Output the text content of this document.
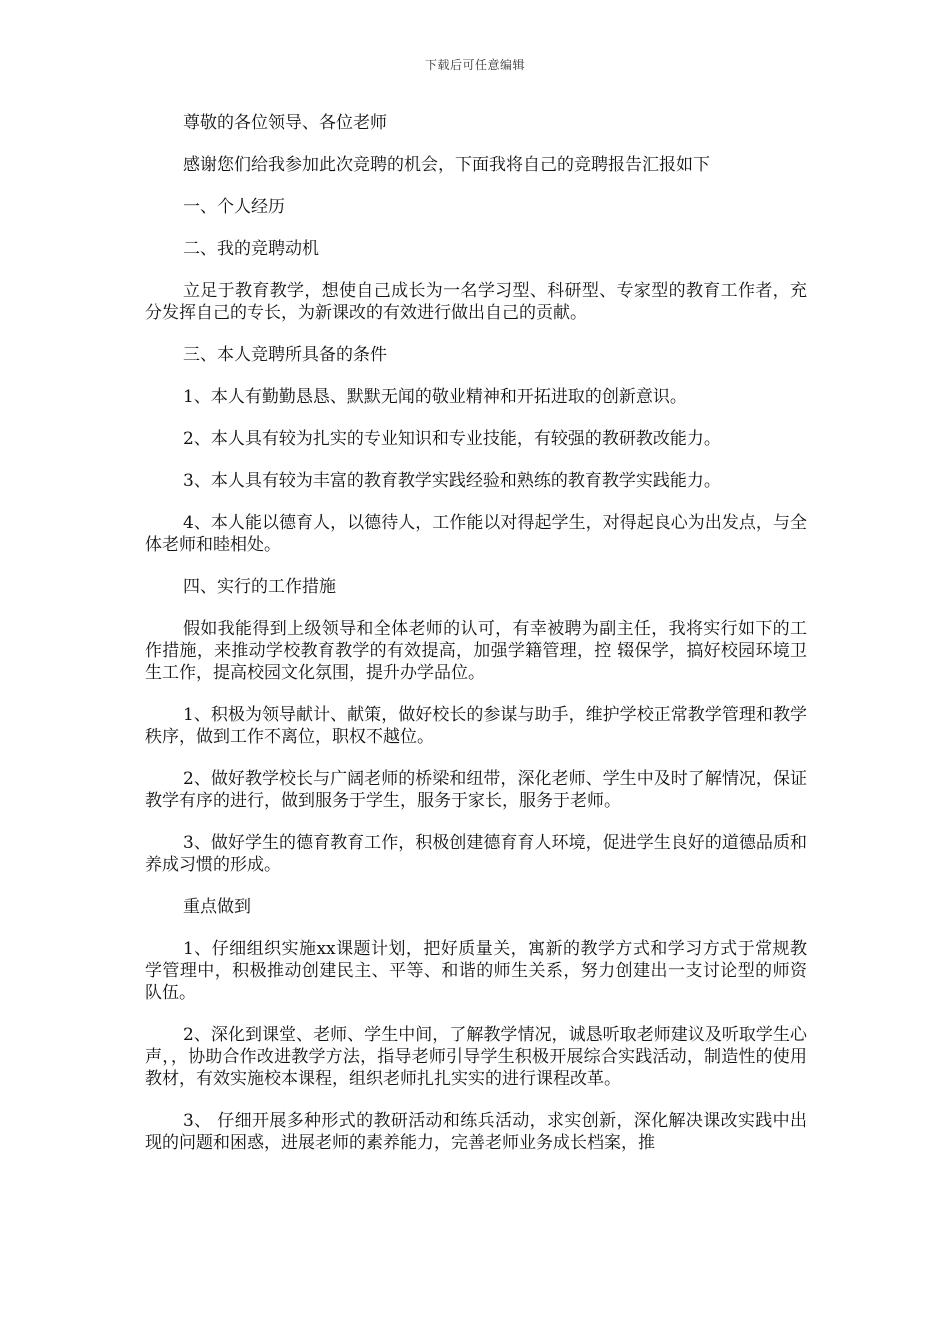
下载后可任意编辑

尊敬的各位领导、各位老师

感谢您们给我参加此次竞聘的机会，下面我将自己的竞聘报告汇报如下

一、个人经历

二、我的竞聘动机

立足于教育教学，想使自己成长为一名学习型、科研型、专家型的教育工作者，充分发挥自己的专长，为新课改的有效进行做出自己的贡献。

三、本人竞聘所具备的条件

1、本人有勤勤恳恳、默默无闻的敬业精神和开拓进取的创新意识。

2、本人具有较为扎实的专业知识和专业技能，有较强的教研教改能力。

3、本人具有较为丰富的教育教学实践经验和熟练的教育教学实践能力。

4、本人能以德育人，以德待人，工作能以对得起学生，对得起良心为出发点，与全体老师和睦相处。

四、实行的工作措施

假如我能得到上级领导和全体老师的认可，有幸被聘为副主任，我将实行如下的工作措施，来推动学校教育教学的有效提高，加强学籍管理，控 辍保学，搞好校园环境卫生工作，提高校园文化氛围，提升办学品位。

1、积极为领导献计、献策，做好校长的参谋与助手，维护学校正常教学管理和教学秩序，做到工作不离位，职权不越位。

2、做好教学校长与广阔老师的桥梁和纽带，深化老师、学生中及时了解情况，保证教学有序的进行，做到服务于学生，服务于家长，服务于老师。

3、做好学生的德育教育工作，积极创建德育育人环境，促进学生良好的道德品质和养成习惯的形成。

重点做到

1、仔细组织实施xx课题计划，把好质量关，寓新的教学方式和学习方式于常规教学管理中，积极推动创建民主、平等、和谐的师生关系，努力创建出一支讨论型的师资队伍。

2、深化到课堂、老师、学生中间，了解教学情况，诚恳听取老师建议及听取学生心声，，协助合作改进教学方法，指导老师引导学生积极开展综合实践活动，制造性的使用教材，有效实施校本课程，组织老师扎扎实实的进行课程改革。

3、 仔细开展多种形式的教研活动和练兵活动，求实创新，深化解决课改实践中出现的问题和困惑，进展老师的素养能力，完善老师业务成长档案，推
